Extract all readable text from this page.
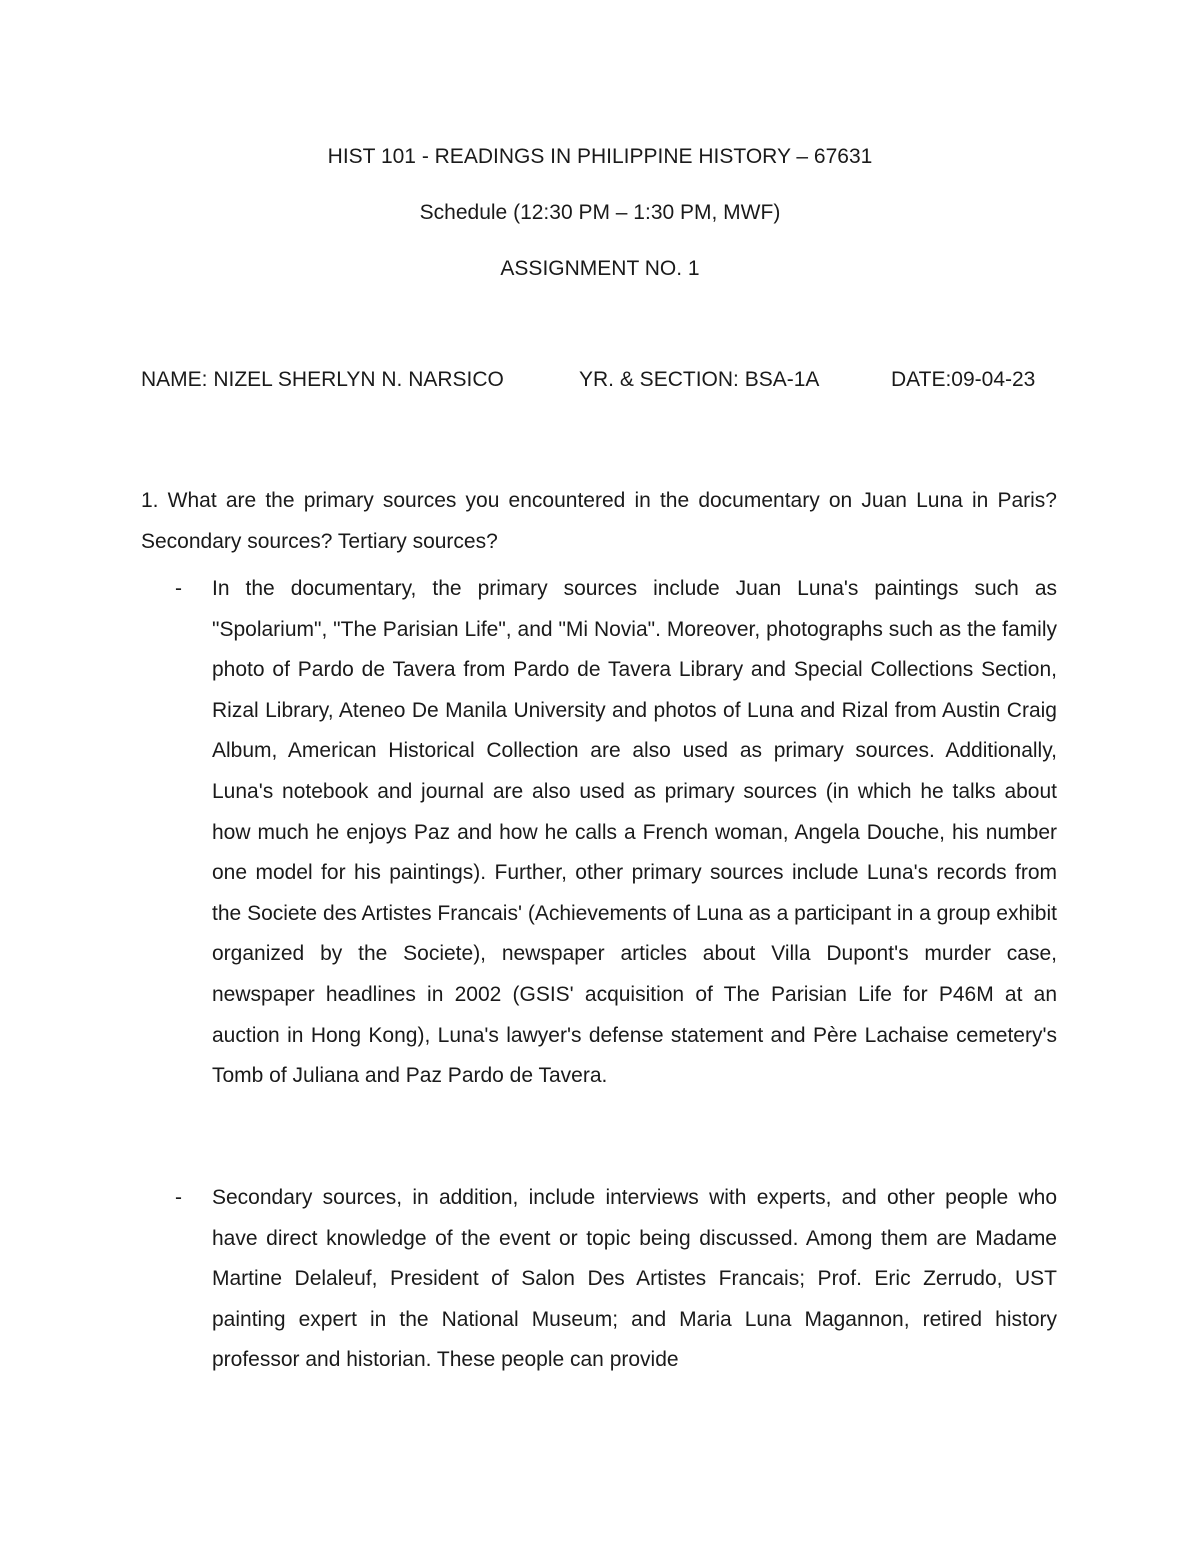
HIST 101 - READINGS IN PHILIPPINE HISTORY – 67631
Schedule (12:30 PM – 1:30 PM, MWF)
ASSIGNMENT NO. 1
NAME: NIZEL SHERLYN N. NARSICO	YR. & SECTION: BSA-1A	DATE:09-04-23
1. What are the primary sources you encountered in the documentary on Juan Luna in Paris? Secondary sources? Tertiary sources?
- In the documentary, the primary sources include Juan Luna's paintings such as "Spolarium", "The Parisian Life", and "Mi Novia". Moreover, photographs such as the family photo of Pardo de Tavera from Pardo de Tavera Library and Special Collections Section, Rizal Library, Ateneo De Manila University and photos of Luna and Rizal from Austin Craig Album, American Historical Collection are also used as primary sources. Additionally, Luna's notebook and journal are also used as primary sources (in which he talks about how much he enjoys Paz and how he calls a French woman, Angela Douche, his number one model for his paintings). Further, other primary sources include Luna's records from the Societe des Artistes Francais' (Achievements of Luna as a participant in a group exhibit organized by the Societe), newspaper articles about Villa Dupont's murder case, newspaper headlines in 2002 (GSIS' acquisition of The Parisian Life for P46M at an auction in Hong Kong), Luna's lawyer's defense statement and Père Lachaise cemetery's Tomb of Juliana and Paz Pardo de Tavera.
- Secondary sources, in addition, include interviews with experts, and other people who have direct knowledge of the event or topic being discussed. Among them are Madame Martine Delaleuf, President of Salon Des Artistes Francais; Prof. Eric Zerrudo, UST painting expert in the National Museum; and Maria Luna Magannon, retired history professor and historian. These people can provide
